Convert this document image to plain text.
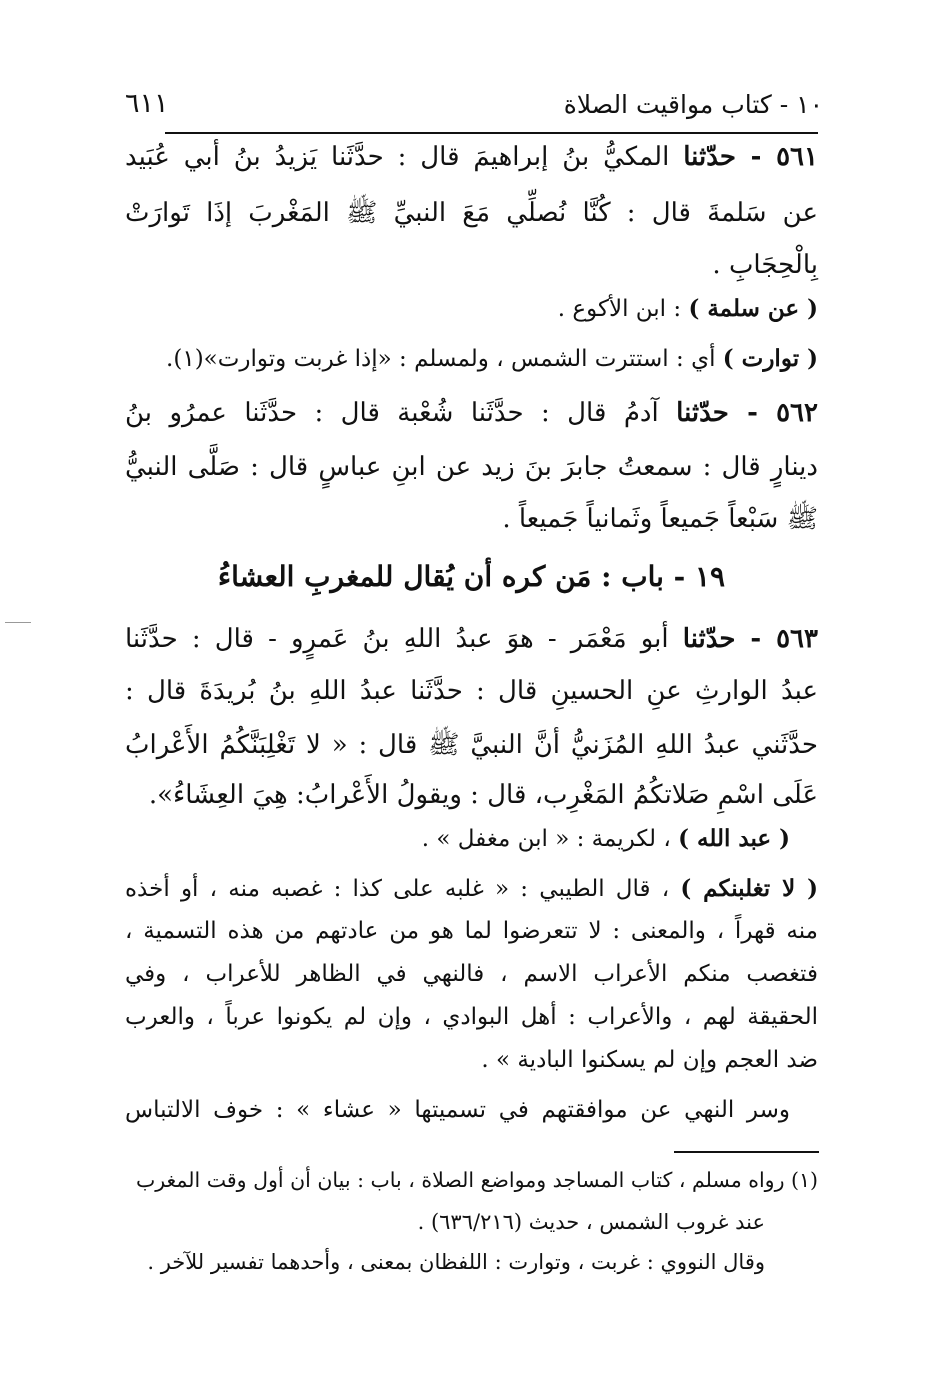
٦١١	١٠ - كتاب مواقيت الصلاة
٥٦١ - حدّثنا المكيُّ بنُ إبراهيمَ قال : حدَّثَنا يَزيدُ بنُ أبي عُبَيد
عن سَلمةَ قال : كُنَّا نُصلِّي مَعَ النبيِّ ﷺ المَغْربَ إذَا تَوارَتْ
بِالْحِجَابِ .
( عن سلمة ) : ابن الأكوع .
( توارت ) أي : استترت الشمس ، ولمسلم : «إذا غربت وتوارت»(١).
٥٦٢ - حدّثنا آدمُ قال : حدَّثَنا شُعْبة قال : حدَّثَنا عمرُو بنُ
دينارٍ قال : سمعتُ جابرَ بنَ زيد عن ابنِ عباسٍ قال : صَلَّى النبيُّ
ﷺ سَبْعاً جَميعاً وثَمانياً جَميعاً .
١٩ - باب : مَن كره أن يُقال للمغربِ العشاءُ
٥٦٣ - حدّثنا أبو مَعْمَر - هوَ عبدُ اللهِ بنُ عَمرٍو - قال : حدَّثَنا
عبدُ الوارثِ عنِ الحسينِ قال : حدَّثَنا عبدُ اللهِ بنُ بُريدَةَ قال :
حدَّثَني عبدُ اللهِ المُزَنيُّ أنَّ النبيَّ ﷺ قال : « لا تَغْلِبَنَّكُمُ الأَعْرابُ
عَلَى اسْمِ صَلاتكُمُ المَغْرِب، قال : ويقولُ الأَعْرابُ: هِيَ العِشَاءُ».
( عبد الله ) ، لكريمة : « ابن مغفل » .
( لا تغلبنكم ) ، قال الطيبي : « غلبه على كذا : غصبه منه ، أو أخذه
منه قهراً ، والمعنى : لا تتعرضوا لما هو من عادتهم من هذه التسمية ،
فتغصب منكم الأعراب الاسم ، فالنهي في الظاهر للأعراب ، وفي
الحقيقة لهم ، والأعراب : أهل البوادي ، وإن لم يكونوا عرباً ، والعرب
ضد العجم وإن لم يسكنوا البادية » .
وسر النهي عن موافقتهم في تسميتها « عشاء » : خوف الالتباس
(١) رواه مسلم ، كتاب المساجد ومواضع الصلاة ، باب : بيان أن أول وقت المغرب
عند غروب الشمس ، حديث (٦٣٦/٢١٦) .
وقال النووي : غربت ، وتوارت : اللفظان بمعنى ، وأحدهما تفسير للآخر .
